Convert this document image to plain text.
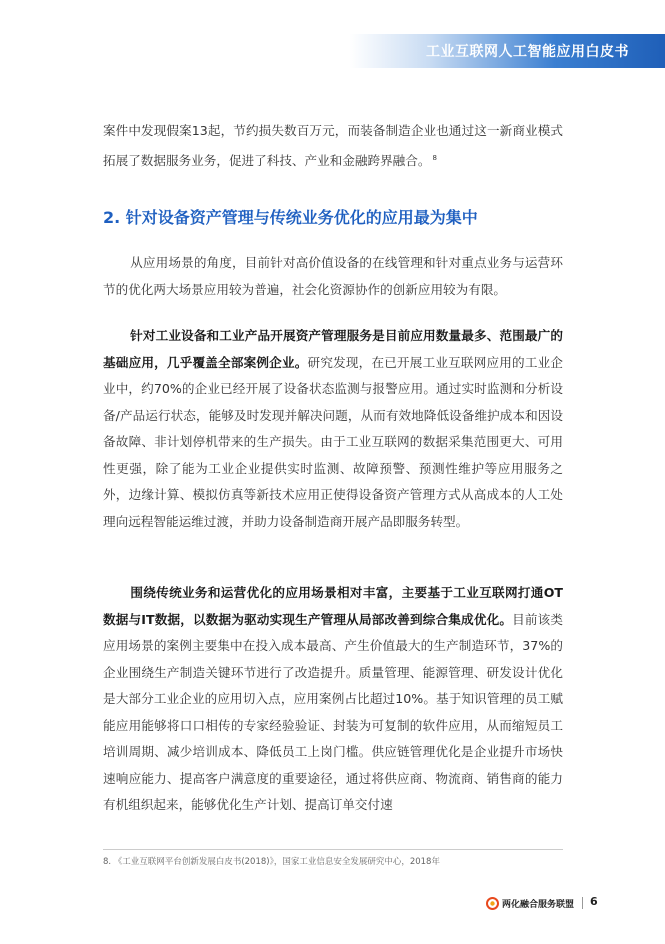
工业互联网人工智能应用白皮书

案件中发现假案13起，节约损失数百万元，而装备制造企业也通过这一新商业模式拓展了数据服务业务，促进了科技、产业和金融跨界融合。 $^8$

2. 针对设备资产管理与传统业务优化的应用最为集中

从应用场景的角度，目前针对高价值设备的在线管理和针对重点业务与运营环节的优化两大场景应用较为普遍，社会化资源协作的创新应用较为有限。

针对工业设备和工业产品开展资产管理服务是目前应用数量最多、范围最广的基础应用，几乎覆盖全部案例企业。研究发现，在已开展工业互联网应用的工业企业中，约70%的企业已经开展了设备状态监测与报警应用。通过实时监测和分析设备/产品运行状态，能够及时发现并解决问题，从而有效地降低设备维护成本和因设备故障、非计划停机带来的生产损失。由于工业互联网的数据采集范围更大、可用性更强，除了能为工业企业提供实时监测、故障预警、预测性维护等应用服务之外，边缘计算、模拟仿真等新技术应用正使得设备资产管理方式从高成本的人工处理向远程智能运维过渡，并助力设备制造商开展产品即服务转型。

围绕传统业务和运营优化的应用场景相对丰富，主要基于工业互联网打通OT数据与IT数据，以数据为驱动实现生产管理从局部改善到综合集成优化。目前该类应用场景的案例主要集中在投入成本最高、产生价值最大的生产制造环节，37%的企业围绕生产制造关键环节进行了改造提升。质量管理、能源管理、研发设计优化是大部分工业企业的应用切入点，应用案例占比超过10%。基于知识管理的员工赋能应用能够将口口相传的专家经验验证、封装为可复制的软件应用，从而缩短员工培训周期、减少培训成本、降低员工上岗门槛。供应链管理优化是企业提升市场快速响应能力、提高客户满意度的重要途径，通过将供应商、物流商、销售商的能力有机组织起来，能够优化生产计划、提高订单交付速

8. 《工业互联网平台创新发展白皮书(2018)》，国家工业信息安全发展研究中心，2018年
两化融合服务联盟 6
